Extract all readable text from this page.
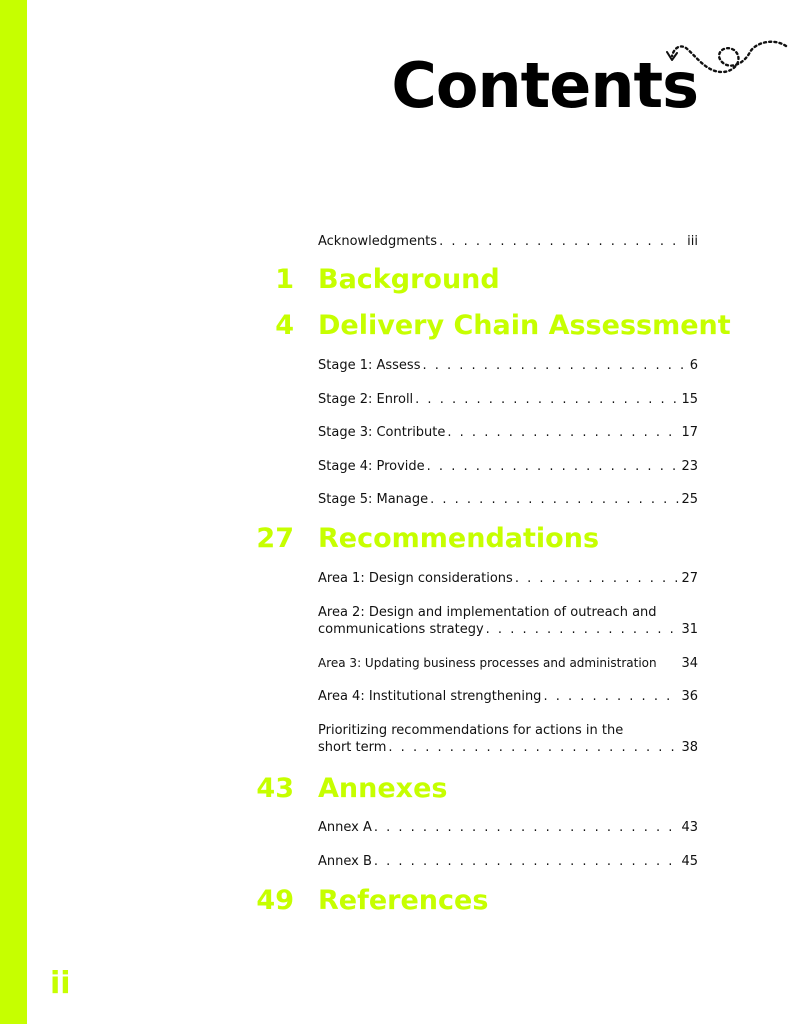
Contents
Acknowledgments . . .	iii
1 Background
4 Delivery Chain Assessment
Stage 1: Assess . . .	6
Stage 2: Enroll . . .	15
Stage 3: Contribute . . .	17
Stage 4: Provide . . .	23
Stage 5: Manage . . .	25
27 Recommendations
Area 1: Design considerations . . .	27
Area 2: Design and implementation of outreach and
communications strategy . . .	31
Area 3: Updating business processes and administration 34
Area 4: Institutional strengthening . . .	36
Prioritizing recommendations for actions in the
short term . . .	38
43 Annexes
Annex A . . .	43
Annex B . . .	45
49 References
ii
